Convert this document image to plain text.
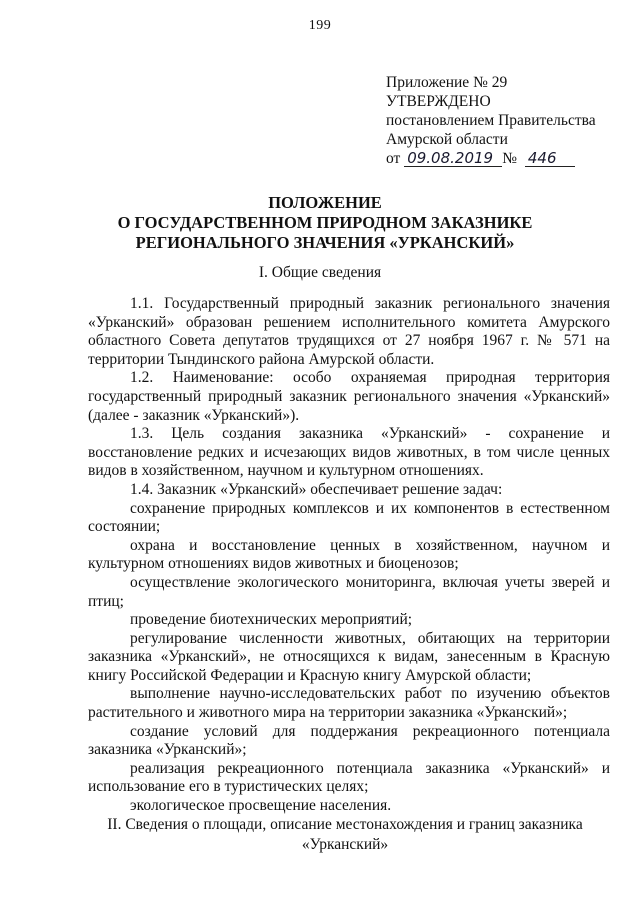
199
Приложение № 29
УТВЕРЖДЕНО
постановлением Правительства
Амурской области
от 09.08.2019 № 446
ПОЛОЖЕНИЕ
О ГОСУДАРСТВЕННОМ ПРИРОДНОМ ЗАКАЗНИКЕ
РЕГИОНАЛЬНОГО ЗНАЧЕНИЯ «УРКАНСКИЙ»
I. Общие сведения

1.1. Государственный природный заказник регионального значения «Урканский» образован решением исполнительного комитета Амурского областного Совета депутатов трудящихся от 27 ноября 1967 г. № 571 на территории Тындинского района Амурской области.

1.2. Наименование: особо охраняемая природная территория государственный природный заказник регионального значения «Урканский» (далее - заказник «Урканский»).

1.3. Цель создания заказника «Урканский» - сохранение и восстановление редких и исчезающих видов животных, в том числе ценных видов в хозяйственном, научном и культурном отношениях.

1.4. Заказник «Урканский» обеспечивает решение задач:

сохранение природных комплексов и их компонентов в естественном состоянии;

охрана и восстановление ценных в хозяйственном, научном и культурном отношениях видов животных и биоценозов;

осуществление экологического мониторинга, включая учеты зверей и птиц;

проведение биотехнических мероприятий;

регулирование численности животных, обитающих на территории заказника «Урканский», не относящихся к видам, занесенным в Красную книгу Российской Федерации и Красную книгу Амурской области;

выполнение научно-исследовательских работ по изучению объектов растительного и животного мира на территории заказника «Урканский»;

создание условий для поддержания рекреационного потенциала заказника «Урканский»;

реализация рекреационного потенциала заказника «Урканский» и использование его в туристических целях;

экологическое просвещение населения.

II. Сведения о площади, описание местонахождения и границ заказника
«Урканский»
